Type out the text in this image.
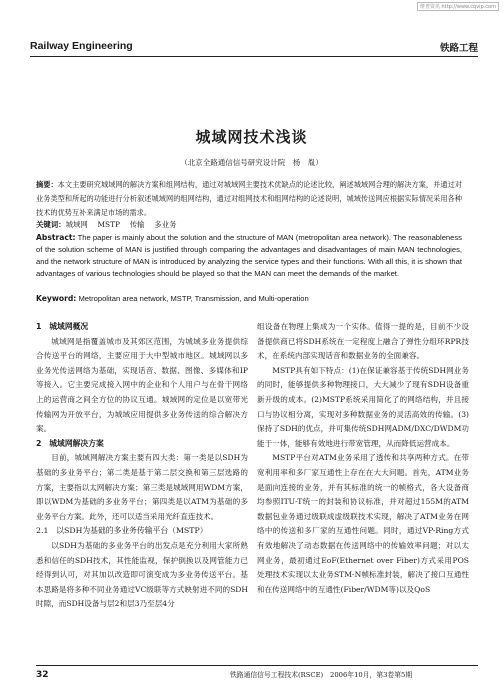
维普资讯 http://www.cqvip.com
Railway Engineering	铁路工程
城域网技术浅谈
（北京全路通信信号研究设计院　杨　胤）
摘要：本文主要研究城域网的解决方案和组网结构，通过对城域网主要技术优缺点的论述比较，阐述城域网合理的解决方案，并通过对业务类型和所起的功能进行分析叙述城域网的组网结构，通过对组网技术和组网结构的论述说明，城域传送网应根据实际情况采用各种技术的优势互补来满足市场的需求。
关键词：城域网　 MSTP　 传输　 多业务
Abstract: The paper is mainly about the solution and the structure of MAN (metropolitan area network). The reasonableness of the solution scheme of MAN is justified through comparing the advantages and disadvantages of main MAN technologies, and the network structure of MAN is introduced by analyzing the service types and their functions. With all this, it is shown that advantages of various technologies should be played so that the MAN can meet the demands of the market.
Keyword: Metropolitan area network, MSTP, Transmission, and Multi-operation
1　城域网概况

城域网是指覆盖城市及其郊区范围，为城域多业务提供综合传送平台的网络，主要应用于大中型城市地区。城域网以多业务光传送网络为基础，实现话音、数据、图像、多媒体和IP等接入。它主要完成接入网中的企业和个人用户与在骨干网络上的运营商之间全方位的协议互通。城域网的定位是以宽带光传输网为开放平台，为城域应用提供多业务传送的综合解决方案。

2　城域网解决方案

目前，城域网解决方案主要有四大类：第一类是以SDH为基础的多业务平台；第二类是基于第二层交换和第三层选路的方案，主要指以太网解决方案；第三类是城域网用WDM方案，即以WDM为基础的多业务平台；第四类是以ATM为基础的多业务平台方案。此外，还可以适当采用光纤直连技术。

2.1　以SDH为基础的多业务传输平台（MSTP）

以SDH为基础的多业务平台的出发点是充分利用大家所熟悉和信任的SDH技术，其性能监视，保护倒换以及网管能力已经得到认可，对其加以改造即可演变成为多业务传送平台。基本思路是将多种不同业务通过VC级联等方式映射进不同的SDH时隙，而SDH设备与层2和层3乃至层4分

组设备在物理上集成为一个实体。值得一提的是，目前不少设备提供商已将SDH系统在一定程度上融合了弹性分组环RPR技术，在系统内部实现话音和数据业务的全面兼容。

MSTP具有如下特点：(1)在保证兼容基于传统SDH网业务的同时，能够提供多种物理接口，大大减少了现有SDH设备重新升级的成本。(2)MSTP系统采用简化了的网络结构，并且接口与协议相分离，实现对多种数据业务的灵活高效的传输。(3)保持了SDH的优点，并可集传统SDH网ADM/DXC/DWDM功能于一体，能够有效地进行带宽管理，从而降低运营成本。

MSTP平台对ATM业务采用了透传和共享两种方式。在带宽利用率和多厂家互通性上存在在大大问题。首先，ATM业务是面向连接的业务，并有其标准的统一的帧格式，各大设备商均参照ITU-T统一的封装和协议标准，并对超过155M的ATM数据包业务通过级联成虚级联技术实现，解决了ATM业务在网络中的传送和多厂家的互通性问题。同时，通过VP-Ring方式有效地解决了动态数据在传送网络中的传输效率问题；对以太网业务，最初通过EoF(Ethernet over Fiber)方式采用POS处理技术实现以太业务STM-N帧标准封装，解决了接口互通性和在传送网络中的互通性(Fiber/WDM等)以及QoS

32	铁路通信信号工程技术(RSCE)　2006年10月，第3卷第5期
